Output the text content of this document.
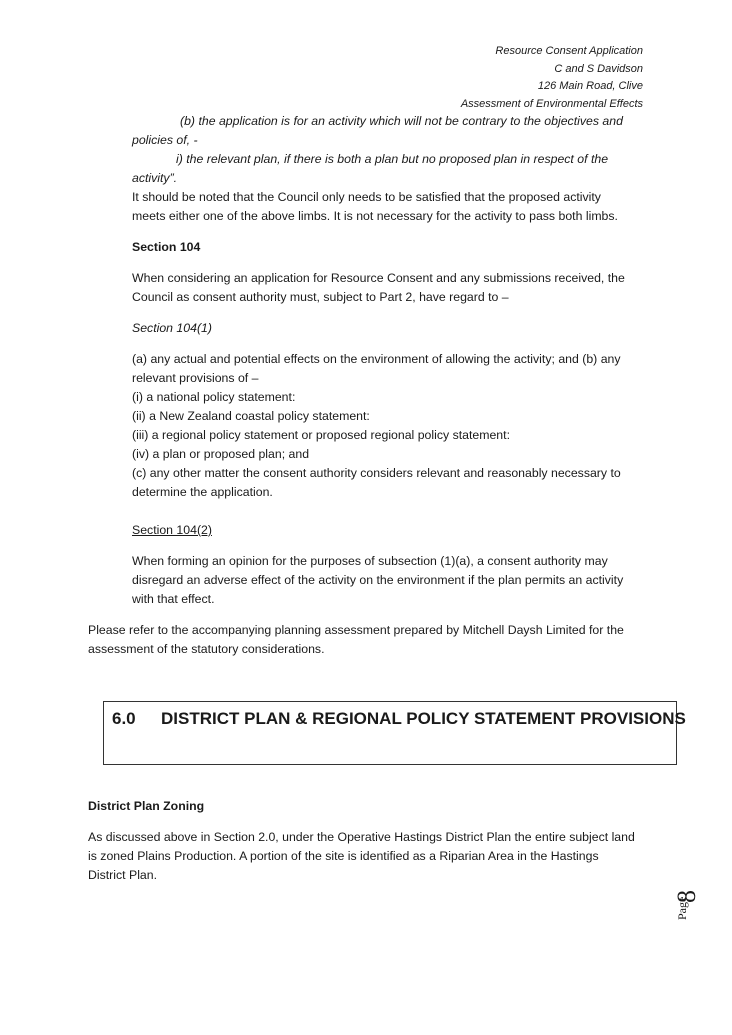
Resource Consent Application
C and S Davidson
126 Main Road, Clive
Assessment of Environmental Effects
(b) the application is for an activity which will not be contrary to the objectives and
policies of, -
i) the relevant plan, if there is both a plan but no proposed plan in respect of the
activity”.
It should be noted that the Council only needs to be satisfied that the proposed activity
meets either one of the above limbs. It is not necessary for the activity to pass both limbs.
Section 104
When considering an application for Resource Consent and any submissions received, the
Council as consent authority must, subject to Part 2, have regard to –
Section 104(1)
(a) any actual and potential effects on the environment of allowing the activity; and (b) any
relevant provisions of –
(i) a national policy statement:
(ii) a New Zealand coastal policy statement:
(iii) a regional policy statement or proposed regional policy statement:
(iv) a plan or proposed plan; and
(c) any other matter the consent authority considers relevant and reasonably necessary to
determine the application.
Section 104(2)
When forming an opinion for the purposes of subsection (1)(a), a consent authority may
disregard an adverse effect of the activity on the environment if the plan permits an activity
with that effect.
Please refer to the accompanying planning assessment prepared by Mitchell Daysh Limited for the
assessment of the statutory considerations.
6.0 DISTRICT PLAN & REGIONAL POLICY STATEMENT PROVISIONS
District Plan Zoning
As discussed above in Section 2.0, under the Operative Hastings District Plan the entire subject land
is zoned Plains Production. A portion of the site is identified as a Riparian Area in the Hastings
District Plan.
Page
8
